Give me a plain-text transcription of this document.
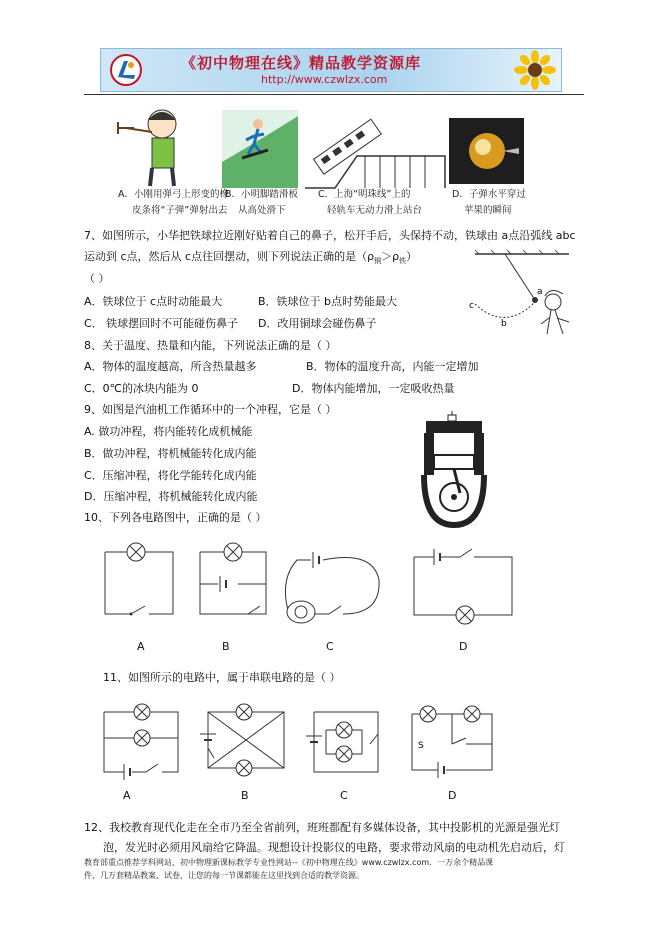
《初中物理在线》精品教学资源库
http://www.czwlzx.com
A．小刚用弹弓上形变的橡
皮条将“子弹”弹射出去
B．小明脚踏滑板
从高处滑下
C．上海“明珠线”上的
轻轨车无动力滑上站台
D．子弹水平穿过
苹果的瞬间
7、如图所示，小华把铁球拉近刚好贴着自己的鼻子，松开手后，头保持不动，铁球由 a点沿弧线 abc
运动到 c点，然后从 c点往回摆动，则下列说法正确的是$(\rho_铜>\rho_铁)$
（ ）
A．铁球位于 c点时动能最大	B．铁球位于 b点时势能最大
C． 铁球摆回时不可能碰伤鼻子 D．改用铜球会碰伤鼻子
c
b
a
8、关于温度、热量和内能，下列说法正确的是（ ）
A．物体的温度越高，所含热量越多	B．物体的温度升高，内能一定增加
C．0℃的冰块内能为 0	D．物体内能增加，一定吸收热量
9、如图是汽油机工作循环中的一个冲程，它是（ ）
A. 做功冲程，将内能转化成机械能
B．做功冲程，将机械能转化成内能
C．压缩冲程，将化学能转化成内能
D．压缩冲程，将机械能转化成内能
10、下列各电路图中，正确的是（ ）
A	B	C	D
11、如图所示的电路中，属于串联电路的是（ ）
S
A	B	C	D
12、我校教育现代化走在全市乃至全省前列，班班都配有多媒体设备，其中投影机的光源是强光灯
泡，发光时必须用风扇给它降温。现想设计投影仪的电路，要求带动风扇的电动机先启动后，灯
教育部重点推荐学科网站、初中物理新课标教学专业性网站--《初中物理在线》www.czwlzx.com．一万余个精品课
件、几万套精品教案、试卷，让您的每一节课都能在这里找到合适的教学资源。
